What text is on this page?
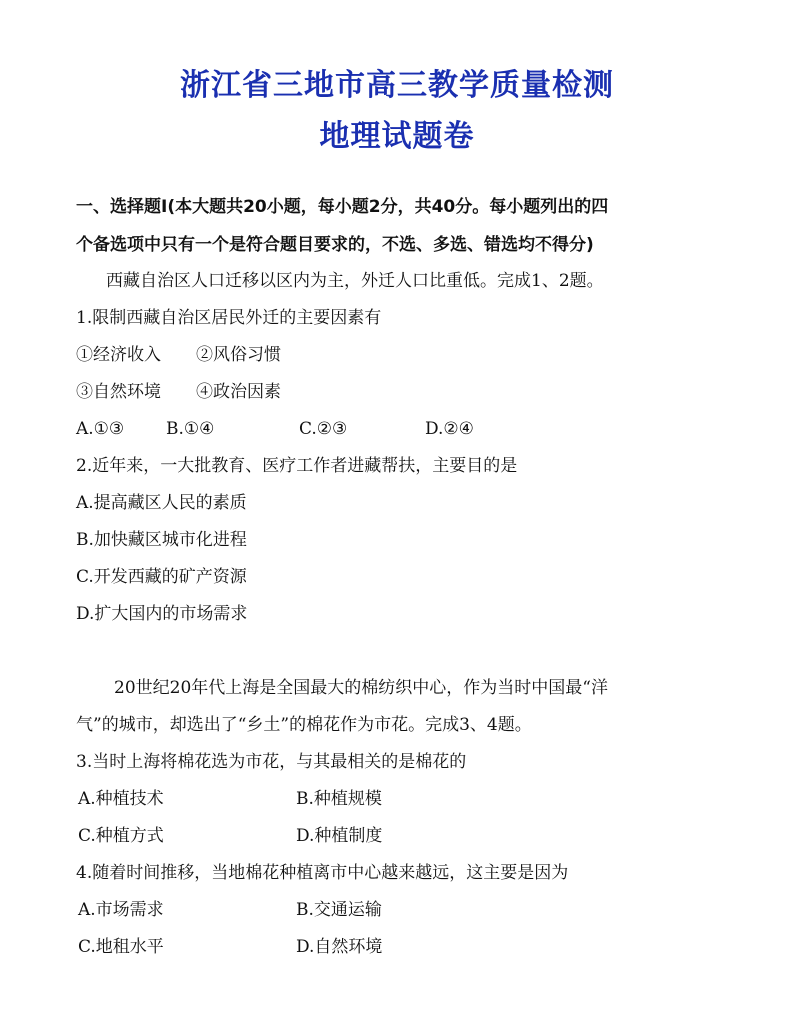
浙江省三地市高三教学质量检测
地理试题卷
一、选择题Ⅰ(本大题共20小题，每小题2分，共40分。每小题列出的四
个备选项中只有一个是符合题目要求的，不选、多选、错选均不得分)
西藏自治区人口迁移以区内为主，外迁人口比重低。完成1、2题。
1.限制西藏自治区居民外迁的主要因素有
①经济收入 ②风俗习惯
③自然环境 ④政治因素
A.①③ B.①④	C.②③	D.②④
2.近年来，一大批教育、医疗工作者进藏帮扶，主要目的是
A.提高藏区人民的素质
B.加快藏区城市化进程
C.开发西藏的矿产资源
D.扩大国内的市场需求
20世纪20年代上海是全国最大的棉纺织中心，作为当时中国最“洋
气”的城市，却选出了“乡土”的棉花作为市花。完成3、4题。
3.当时上海将棉花选为市花，与其最相关的是棉花的
A.种植技术	B.种植规模
C.种植方式	D.种植制度
4.随着时间推移，当地棉花种植离市中心越来越远，这主要是因为
A.市场需求	B.交通运输
C.地租水平	D.自然环境
